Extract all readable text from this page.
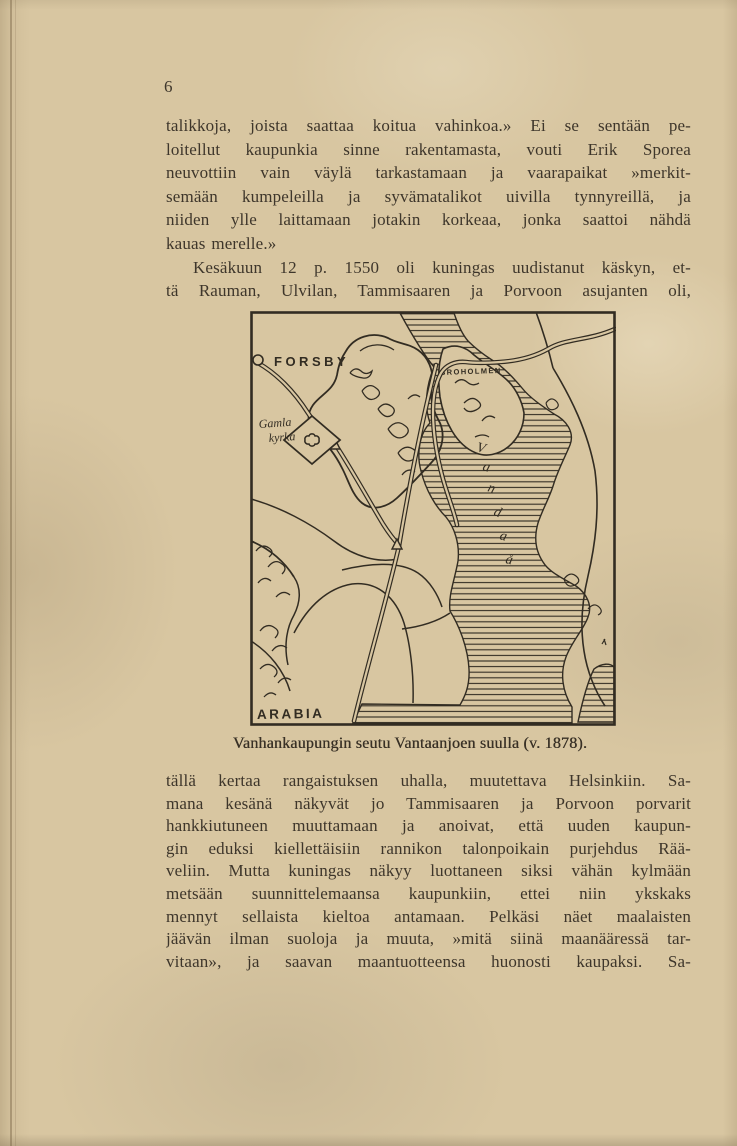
6
talikkoja, joista saattaa koitua vahinkoa.» Ei se sentään pe-
loitellut kaupunkia sinne rakentamasta, vouti Erik Sporea
neuvottiin vain väylä tarkastamaan ja vaarapaikat »merkit-
semään kumpeleilla ja syvämatalikot uivilla tynnyreillä, ja
niiden ylle laittamaan jotakin korkeaa, jonka saattoi nähdä
kauas merelle.»
Kesäkuun 12 p. 1550 oli kuningas uudistanut käskyn, et-
tä Rauman, Ulvilan, Tammisaaren ja Porvoon asujanten oli,
BROHOLMEN
FORSBY
Gamla
kyrka
V
a
n
d
a
å
ARABIA
Vanhankaupungin seutu Vantaanjoen suulla (v. 1878).
tällä kertaa rangaistuksen uhalla, muutettava Helsinkiin. Sa-
mana kesänä näkyvät jo Tammisaaren ja Porvoon porvarit
hankkiutuneen muuttamaan ja anoivat, että uuden kaupun-
gin eduksi kiellettäisiin rannikon talonpoikain purjehdus Rää-
veliin. Mutta kuningas näkyy luottaneen siksi vähän kylmään
metsään suunnittelemaansa kaupunkiin, ettei niin ykskaks
mennyt sellaista kieltoa antamaan. Pelkäsi näet maalaisten
jäävän ilman suoloja ja muuta, »mitä siinä maanääressä tar-
vitaan», ja saavan maantuotteensa huonosti kaupaksi. Sa-
